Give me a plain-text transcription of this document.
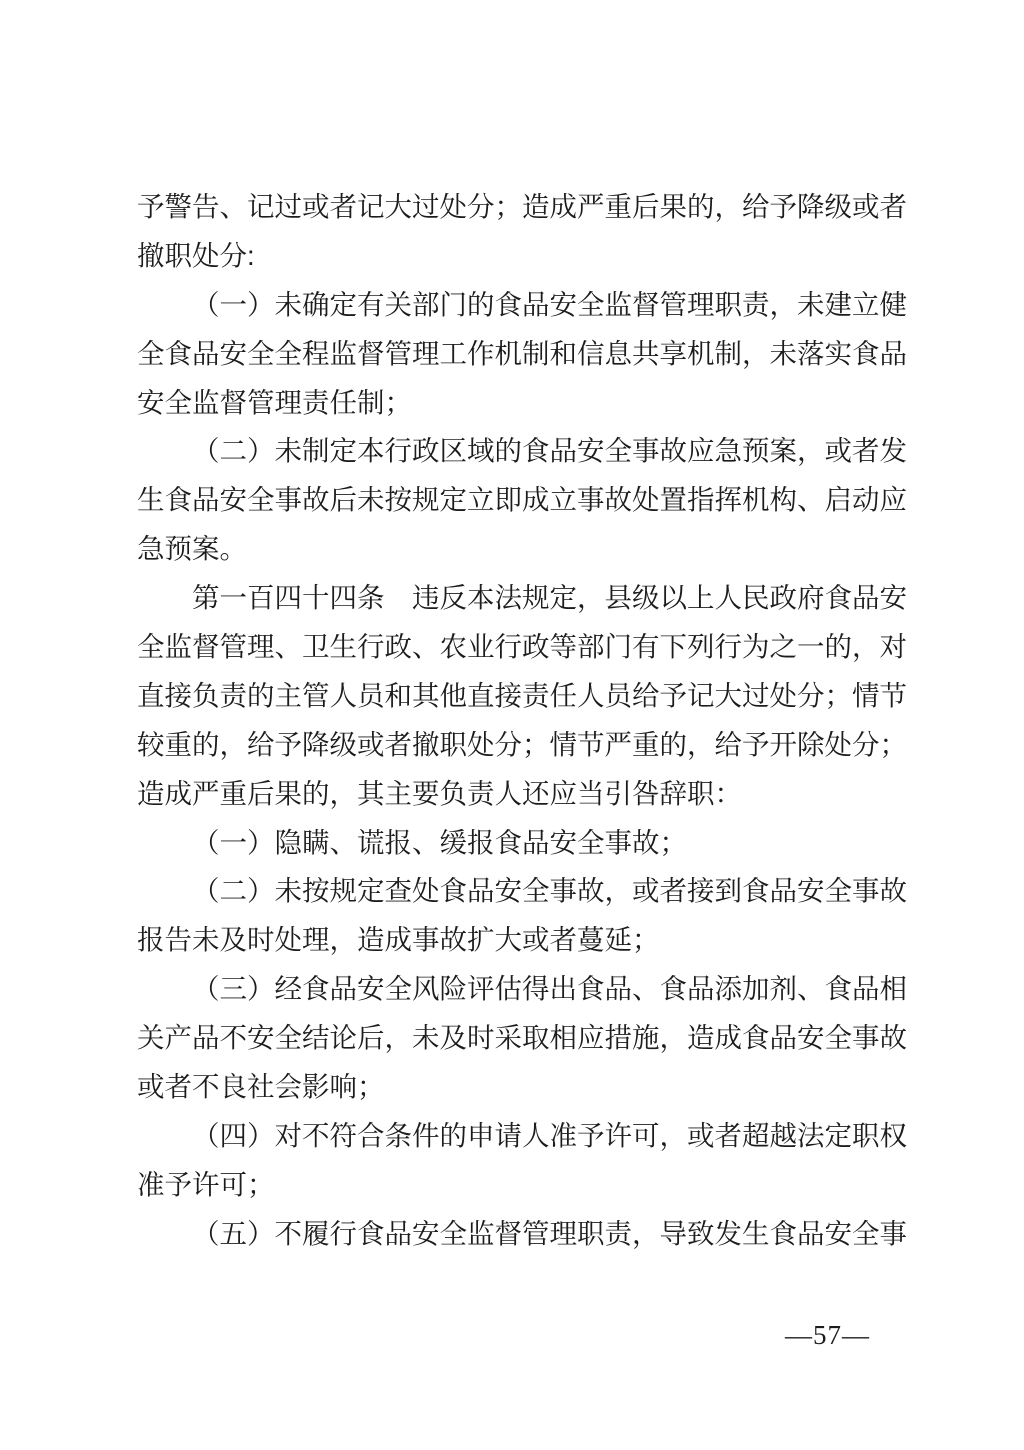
予警告、记过或者记大过处分；造成严重后果的，给予降级或者
撤职处分:
（一）未确定有关部门的食品安全监督管理职责，未建立健
全食品安全全程监督管理工作机制和信息共享机制，未落实食品
安全监督管理责任制；
（二）未制定本行政区域的食品安全事故应急预案，或者发
生食品安全事故后未按规定立即成立事故处置指挥机构、启动应
急预案。
第一百四十四条　违反本法规定，县级以上人民政府食品安
全监督管理、卫生行政、农业行政等部门有下列行为之一的，对
直接负责的主管人员和其他直接责任人员给予记大过处分；情节
较重的，给予降级或者撤职处分；情节严重的，给予开除处分；
造成严重后果的，其主要负责人还应当引咎辞职：
（一）隐瞒、谎报、缓报食品安全事故；
（二）未按规定查处食品安全事故，或者接到食品安全事故
报告未及时处理，造成事故扩大或者蔓延；
（三）经食品安全风险评估得出食品、食品添加剂、食品相
关产品不安全结论后，未及时采取相应措施，造成食品安全事故
或者不良社会影响；
（四）对不符合条件的申请人准予许可，或者超越法定职权
准予许可；
（五）不履行食品安全监督管理职责，导致发生食品安全事
—57—
